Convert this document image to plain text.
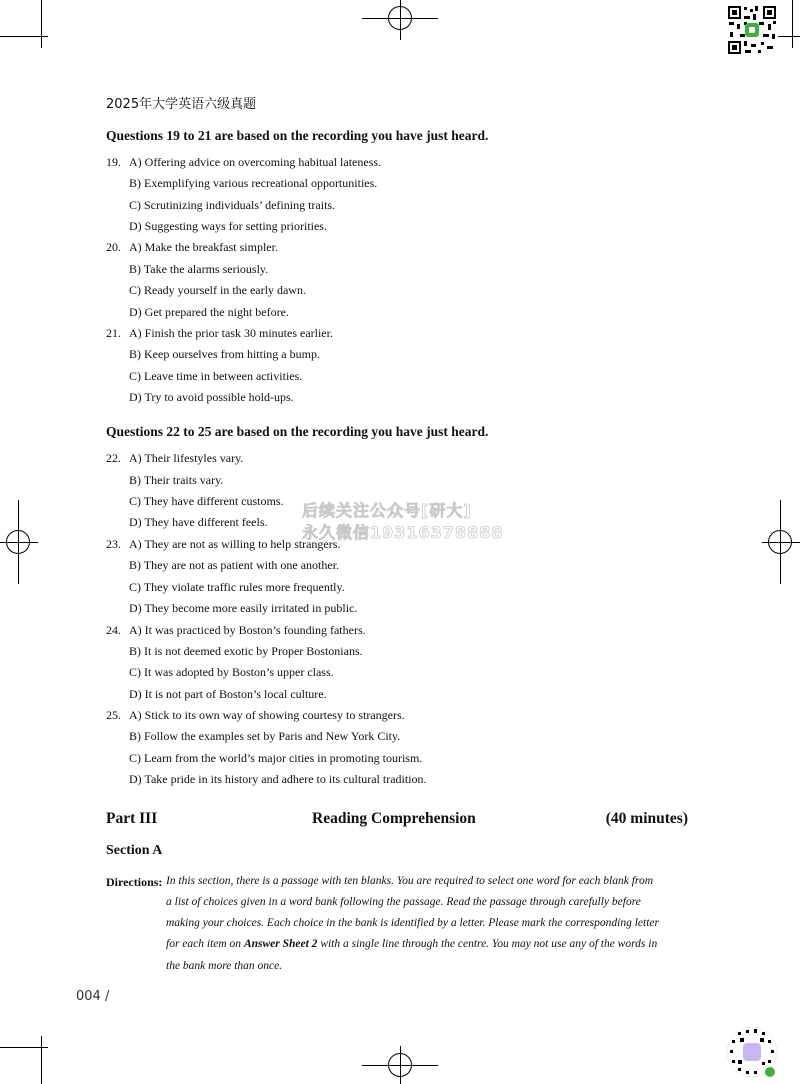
2025年大学英语六级真题
Questions 19 to 21 are based on the recording you have just heard.
19. A) Offering advice on overcoming habitual lateness.
B) Exemplifying various recreational opportunities.
C) Scrutinizing individuals’ defining traits.
D) Suggesting ways for setting priorities.
20. A) Make the breakfast simpler.
B) Take the alarms seriously.
C) Ready yourself in the early dawn.
D) Get prepared the night before.
21. A) Finish the prior task 30 minutes earlier.
B) Keep ourselves from hitting a bump.
C) Leave time in between activities.
D) Try to avoid possible hold-ups.
Questions 22 to 25 are based on the recording you have just heard.
22. A) Their lifestyles vary.
B) Their traits vary.
C) They have different customs.
D) They have different feels.
23. A) They are not as willing to help strangers.
B) They are not as patient with one another.
C) They violate traffic rules more frequently.
D) They become more easily irritated in public.
24. A) It was practiced by Boston’s founding fathers.
B) It is not deemed exotic by Proper Bostonians.
C) It was adopted by Boston’s upper class.
D) It is not part of Boston’s local culture.
25. A) Stick to its own way of showing courtesy to strangers.
B) Follow the examples set by Paris and New York City.
C) Learn from the world’s major cities in promoting tourism.
D) Take pride in its history and adhere to its cultural tradition.
后续关注公众号[研大]
永久微信19316378888
Part III	Reading Comprehension	(40 minutes)
Section A
Directions: In this section, there is a passage with ten blanks. You are required to select one word for each blank from
a list of choices given in a word bank following the passage. Read the passage through carefully before
making your choices. Each choice in the bank is identified by a letter. Please mark the corresponding letter
for each item on Answer Sheet 2 with a single line through the centre. You may not use any of the words in
the bank more than once.
004 /
